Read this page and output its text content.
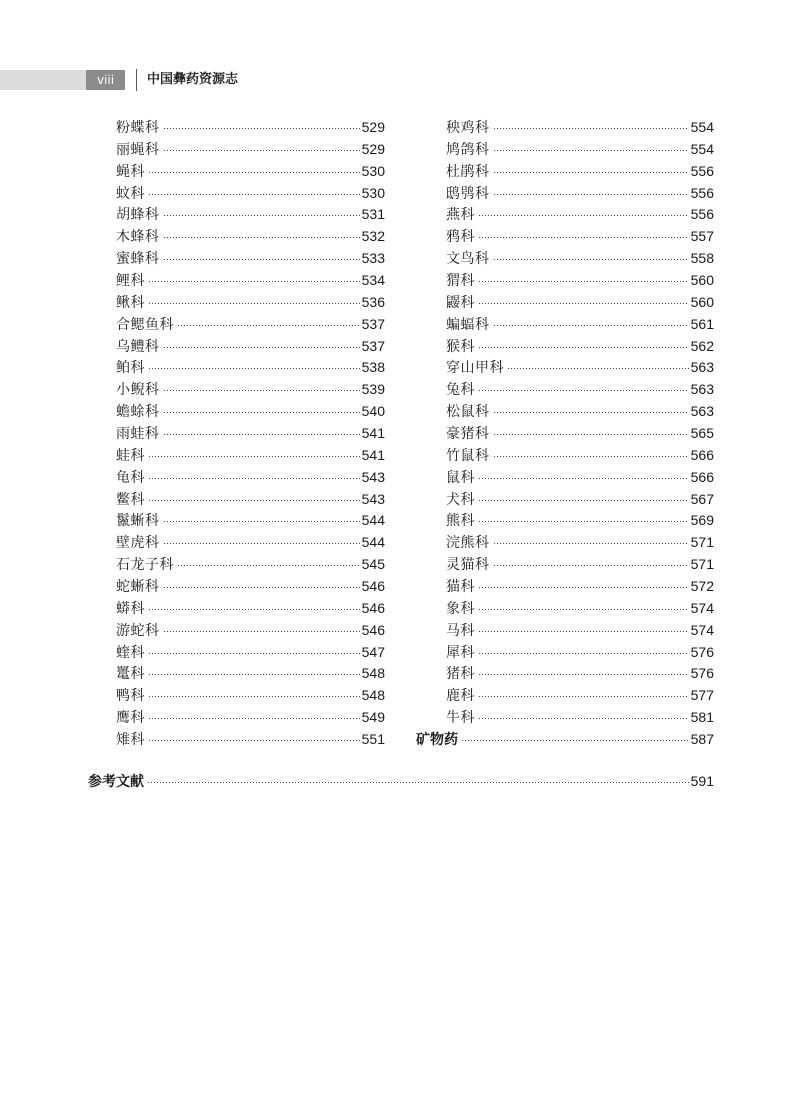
viii	中国彝药资源志
粉蝶科	529
丽蝇科	529
蝇科	530
蚊科	530
胡蜂科	531
木蜂科	532
蜜蜂科	533
鲤科	534
鳅科	536
合鳃鱼科	537
乌鳢科	537
鲌科	538
小鲵科	539
蟾蜍科	540
雨蛙科	541
蛙科	541
龟科	543
鳖科	543
鬣蜥科	544
壁虎科	544
石龙子科	545
蛇蜥科	546
蟒科	546
游蛇科	546
蝰科	547
鼍科	548
鸭科	548
鹰科	549
雉科	551
秧鸡科	554
鸠鸽科	554
杜鹃科	556
鸱鸮科	556
燕科	556
鸦科	557
文鸟科	558
猬科	560
鼹科	560
蝙蝠科	561
猴科	562
穿山甲科	563
兔科	563
松鼠科	563
豪猪科	565
竹鼠科	566
鼠科	566
犬科	567
熊科	569
浣熊科	571
灵猫科	571
猫科	572
象科	574
马科	574
犀科	576
猪科	576
鹿科	577
牛科	581
矿物药	587
参考文献	591
